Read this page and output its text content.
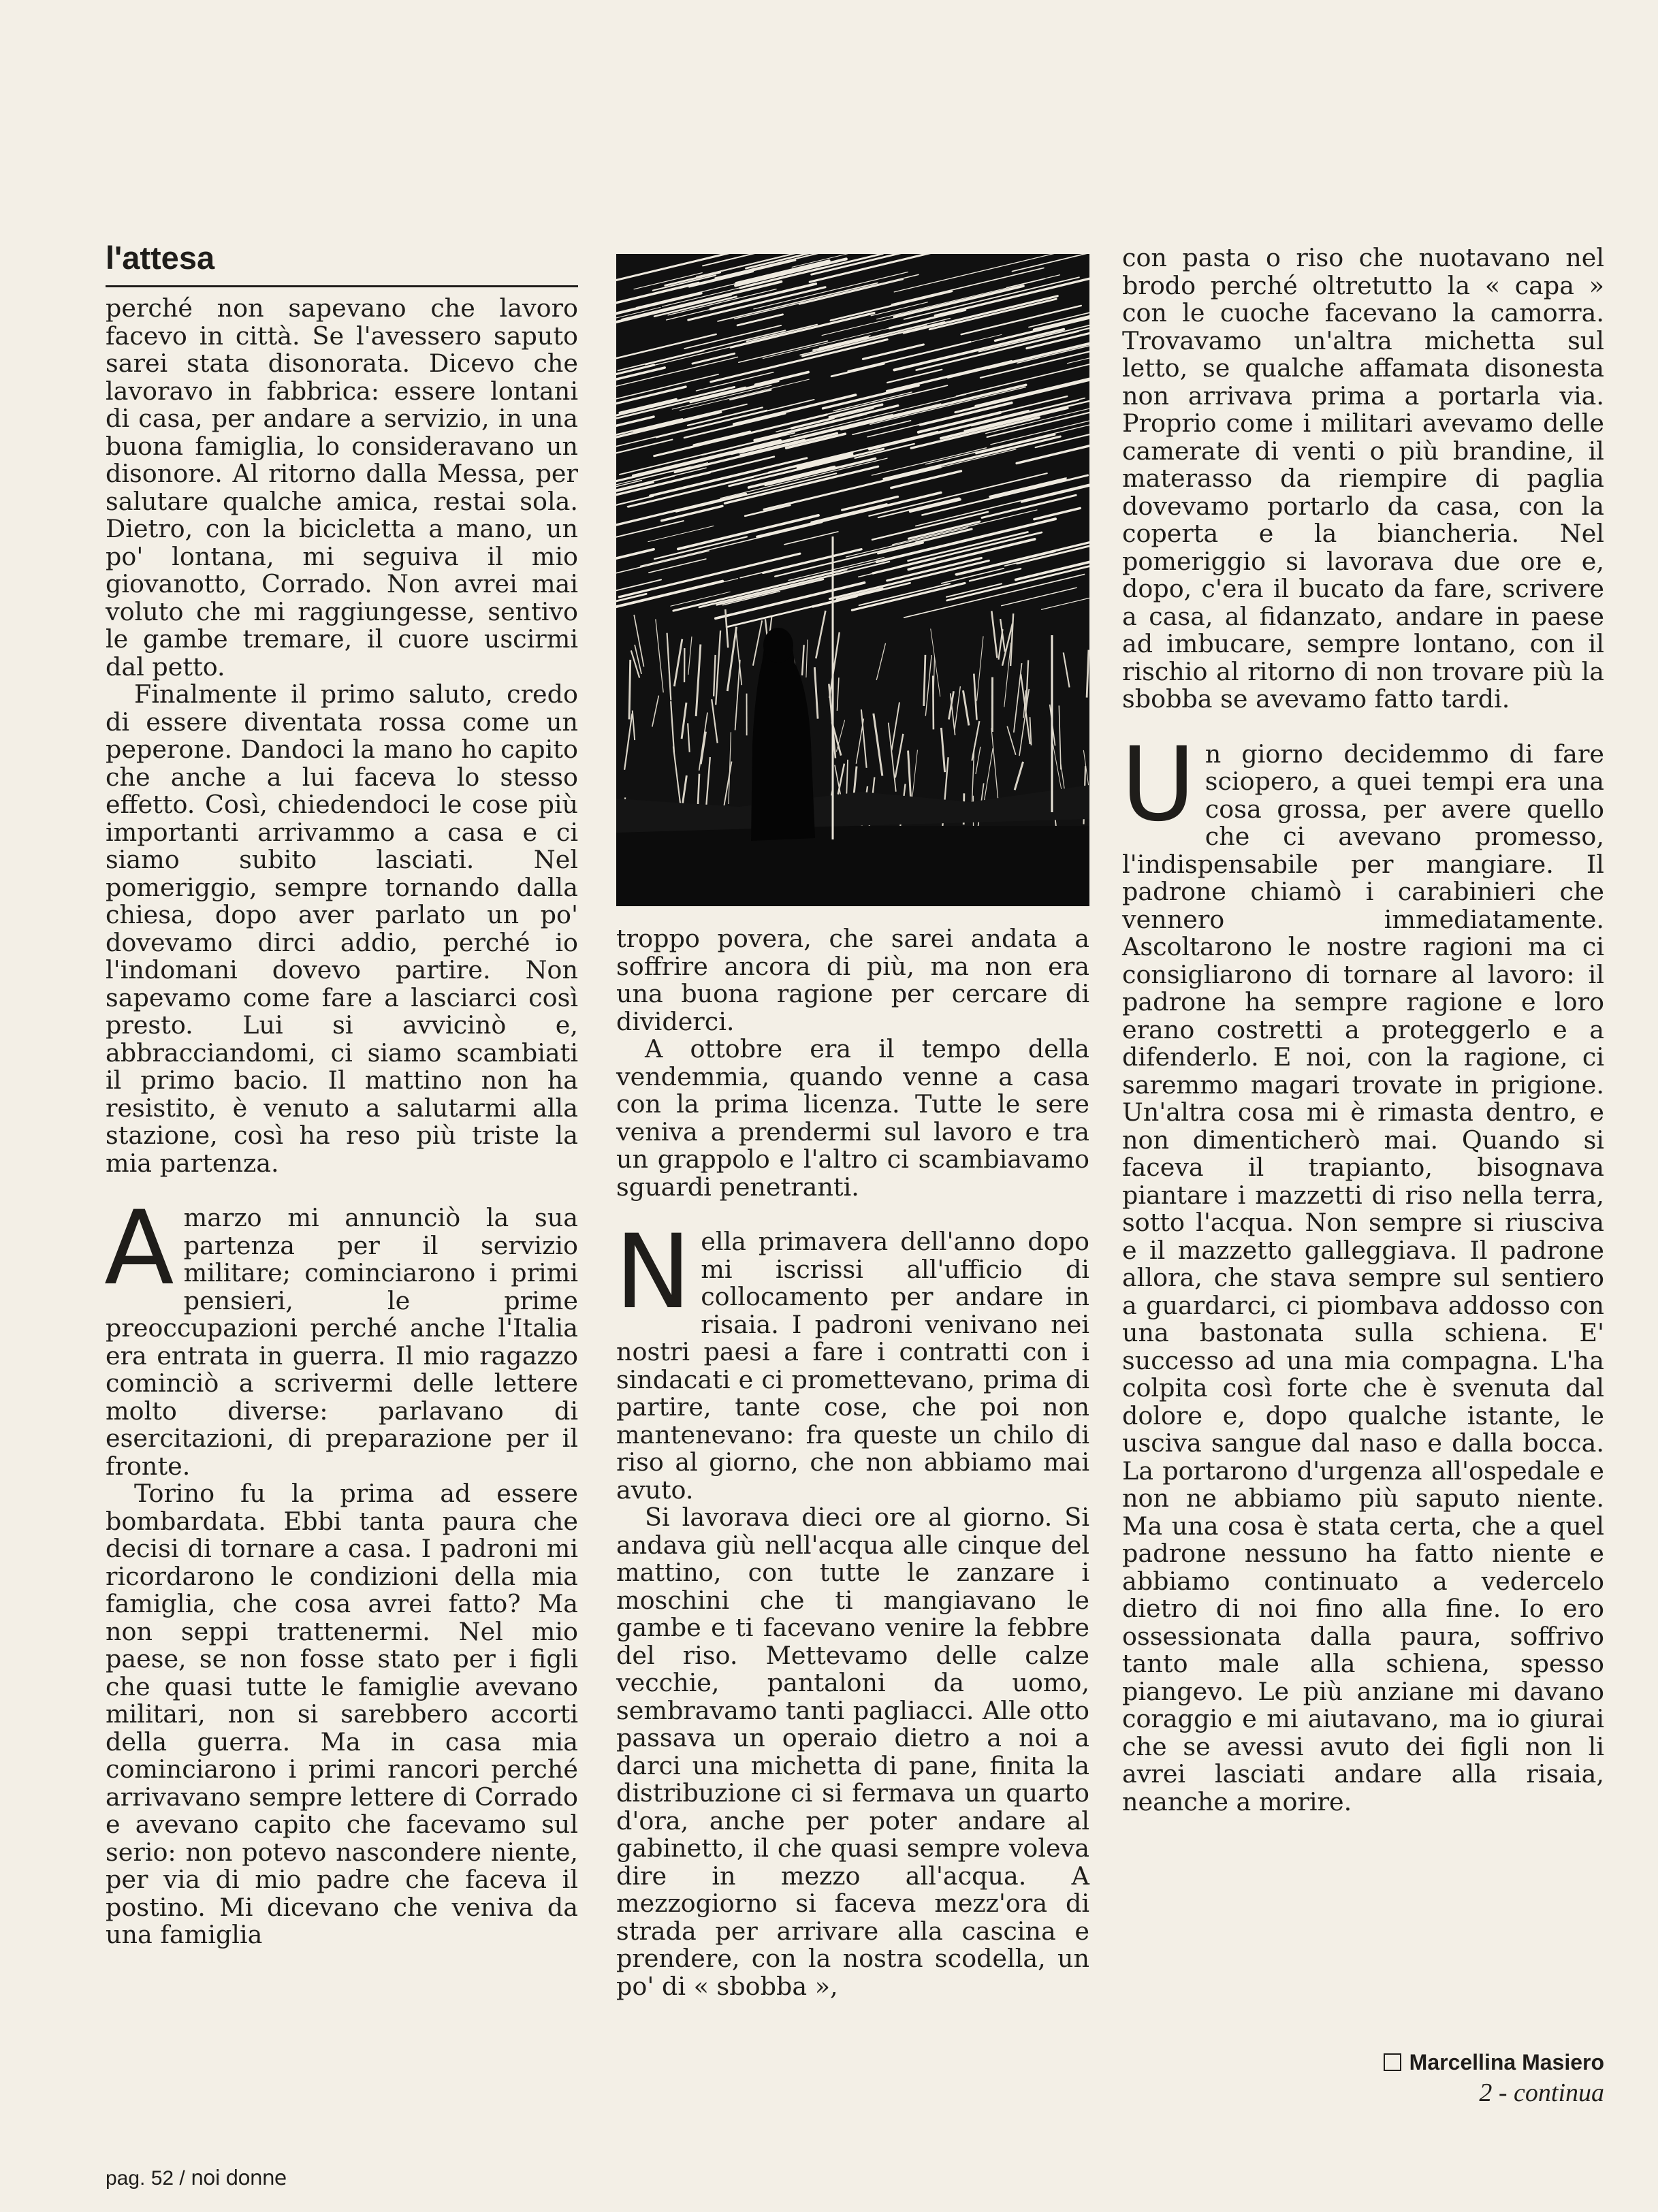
l'attesa

perché non sapevano che lavoro facevo in città. Se l'avessero saputo sarei stata disonorata. Dicevo che lavoravo in fabbrica: essere lontani di casa, per andare a servizio, in una buona famiglia, lo consideravano un disonore. Al ritorno dalla Messa, per salutare qualche amica, restai sola. Dietro, con la bicicletta a mano, un po' lontana, mi seguiva il mio giovanotto, Corrado. Non avrei mai voluto che mi raggiungesse, sentivo le gambe tremare, il cuore uscirmi dal petto.

Finalmente il primo saluto, credo di essere diventata rossa come un peperone. Dandoci la mano ho capito che anche a lui faceva lo stesso effetto. Così, chiedendoci le cose più importanti arrivammo a casa e ci siamo subito lasciati. Nel pomeriggio, sempre tornando dalla chiesa, dopo aver parlato un po' dovevamo dirci addio, perché io l'indomani dovevo partire. Non sapevamo come fare a lasciarci così presto. Lui si avvicinò e, abbracciandomi, ci siamo scambiati il primo bacio. Il mattino non ha resistito, è venuto a salutarmi alla stazione, così ha reso più triste la mia partenza.

Amarzo mi annunciò la sua partenza per il servizio militare; cominciarono i primi pensieri, le prime preoccupazioni perché anche l'Italia era entrata in guerra. Il mio ragazzo cominciò a scrivermi delle lettere molto diverse: parlavano di esercitazioni, di preparazione per il fronte.

Torino fu la prima ad essere bombardata. Ebbi tanta paura che decisi di tornare a casa. I padroni mi ricordarono le condizioni della mia famiglia, che cosa avrei fatto? Ma non seppi trattenermi. Nel mio paese, se non fosse stato per i figli che quasi tutte le famiglie avevano militari, non si sarebbero accorti della guerra. Ma in casa mia cominciarono i primi rancori perché arrivavano sempre lettere di Corrado e avevano capito che facevamo sul serio: non potevo nascondere niente, per via di mio padre che faceva il postino. Mi dicevano che veniva da una famiglia

troppo povera, che sarei andata a soffrire ancora di più, ma non era una buona ragione per cercare di dividerci.

A ottobre era il tempo della vendemmia, quando venne a casa con la prima licenza. Tutte le sere veniva a prendermi sul lavoro e tra un grappolo e l'altro ci scambiavamo sguardi penetranti.

Nella primavera dell'anno dopo mi iscrissi all'ufficio di collocamento per andare in risaia. I padroni venivano nei nostri paesi a fare i contratti con i sindacati e ci promettevano, prima di partire, tante cose, che poi non mantenevano: fra queste un chilo di riso al giorno, che non abbiamo mai avuto.

Si lavorava dieci ore al giorno. Si andava giù nell'acqua alle cinque del mattino, con tutte le zanzare i moschini che ti mangiavano le gambe e ti facevano venire la febbre del riso. Mettevamo delle calze vecchie, pantaloni da uomo, sembravamo tanti pagliacci. Alle otto passava un operaio dietro a noi a darci una michetta di pane, finita la distribuzione ci si fermava un quarto d'ora, anche per poter andare al gabinetto, il che quasi sempre voleva dire in mezzo all'acqua. A mezzogiorno si faceva mezz'ora di strada per arrivare alla cascina e prendere, con la nostra scodella, un po' di « sbobba »,

con pasta o riso che nuotavano nel brodo perché oltretutto la « capa » con le cuoche facevano la camorra. Trovavamo un'altra michetta sul letto, se qualche affamata disonesta non arrivava prima a portarla via. Proprio come i militari avevamo delle camerate di venti o più brandine, il materasso da riempire di paglia dovevamo portarlo da casa, con la coperta e la biancheria. Nel pomeriggio si lavorava due ore e, dopo, c'era il bucato da fare, scrivere a casa, al fidanzato, andare in paese ad imbucare, sempre lontano, con il rischio al ritorno di non trovare più la sbobba se avevamo fatto tardi.

Un giorno decidemmo di fare sciopero, a quei tempi era una cosa grossa, per avere quello che ci avevano promesso, l'indispensabile per mangiare. Il padrone chiamò i carabinieri che vennero immediatamente. Ascoltarono le nostre ragioni ma ci consigliarono di tornare al lavoro: il padrone ha sempre ragione e loro erano costretti a proteggerlo e a difenderlo. E noi, con la ragione, ci saremmo magari trovate in prigione. Un'altra cosa mi è rimasta dentro, e non dimenticherò mai. Quando si faceva il trapianto, bisognava piantare i mazzetti di riso nella terra, sotto l'acqua. Non sempre si riusciva e il mazzetto galleggiava. Il padrone allora, che stava sempre sul sentiero a guardarci, ci piombava addosso con una bastonata sulla schiena. E' successo ad una mia compagna. L'ha colpita così forte che è svenuta dal dolore e, dopo qualche istante, le usciva sangue dal naso e dalla bocca. La portarono d'urgenza all'ospedale e non ne abbiamo più saputo niente. Ma una cosa è stata certa, che a quel padrone nessuno ha fatto niente e abbiamo continuato a vedercelo dietro di noi fino alla fine. Io ero ossessionata dalla paura, soffrivo tanto male alla schiena, spesso piangevo. Le più anziane mi davano coraggio e mi aiutavano, ma io giurai che se avessi avuto dei figli non li avrei lasciati andare alla risaia, neanche a morire.

Marcellina Masiero
2 - continua
pag. 52 / noi donne
